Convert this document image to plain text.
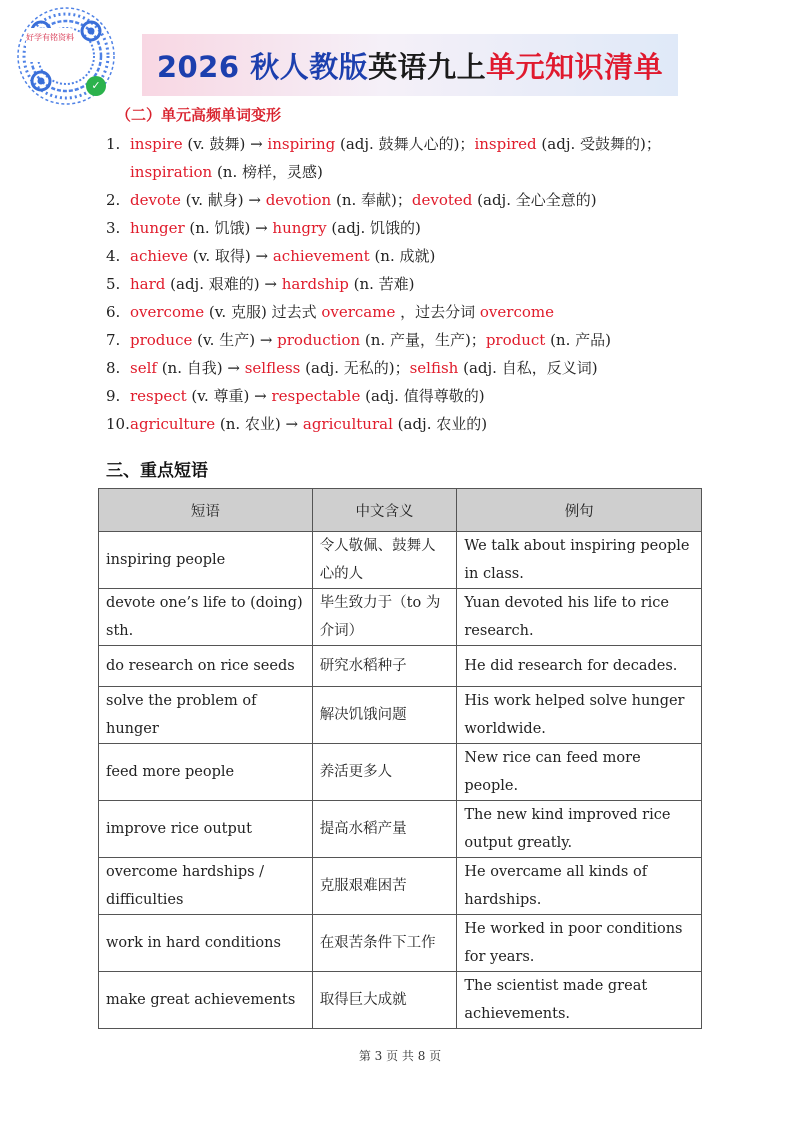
好学有铭资料
✓
2026 秋人教版 英语九上 单元知识清单
（二）单元高频单词变形
1. inspire (v. 鼓舞) → inspiring (adj. 鼓舞人心的)；inspired (adj. 受鼓舞的)；
inspiration (n. 榜样，灵感)
2. devote (v. 献身) → devotion (n. 奉献)；devoted (adj. 全心全意的)
3. hunger (n. 饥饿) → hungry (adj. 饥饿的)
4. achieve (v. 取得) → achievement (n. 成就)
5. hard (adj. 艰难的) → hardship (n. 苦难)
6. overcome (v. 克服) 过去式 overcame ，过去分词 overcome
7. produce (v. 生产) → production (n. 产量，生产)；product (n. 产品)
8. self (n. 自我) → selfless (adj. 无私的)；selfish (adj. 自私，反义词)
9. respect (v. 尊重) → respectable (adj. 值得尊敬的)
10.agriculture (n. 农业) → agricultural (adj. 农业的)
三、重点短语
短语	中文含义	例句
inspiring people	令人敬佩、鼓舞人心的人	We talk about inspiring people in class.
devote one’s life to (doing) sth.	毕生致力于（to 为介词）	Yuan devoted his life to rice research.
do research on rice seeds	研究水稻种子	He did research for decades.
solve the problem of hunger	解决饥饿问题	His work helped solve hunger worldwide.
feed more people	养活更多人	New rice can feed more people.
improve rice output	提高水稻产量	The new kind improved rice output greatly.
overcome hardships / difficulties	克服艰难困苦	He overcame all kinds of hardships.
work in hard conditions	在艰苦条件下工作	He worked in poor conditions for years.
make great achievements	取得巨大成就	The scientist made great achievements.
第 3 页 共 8 页
